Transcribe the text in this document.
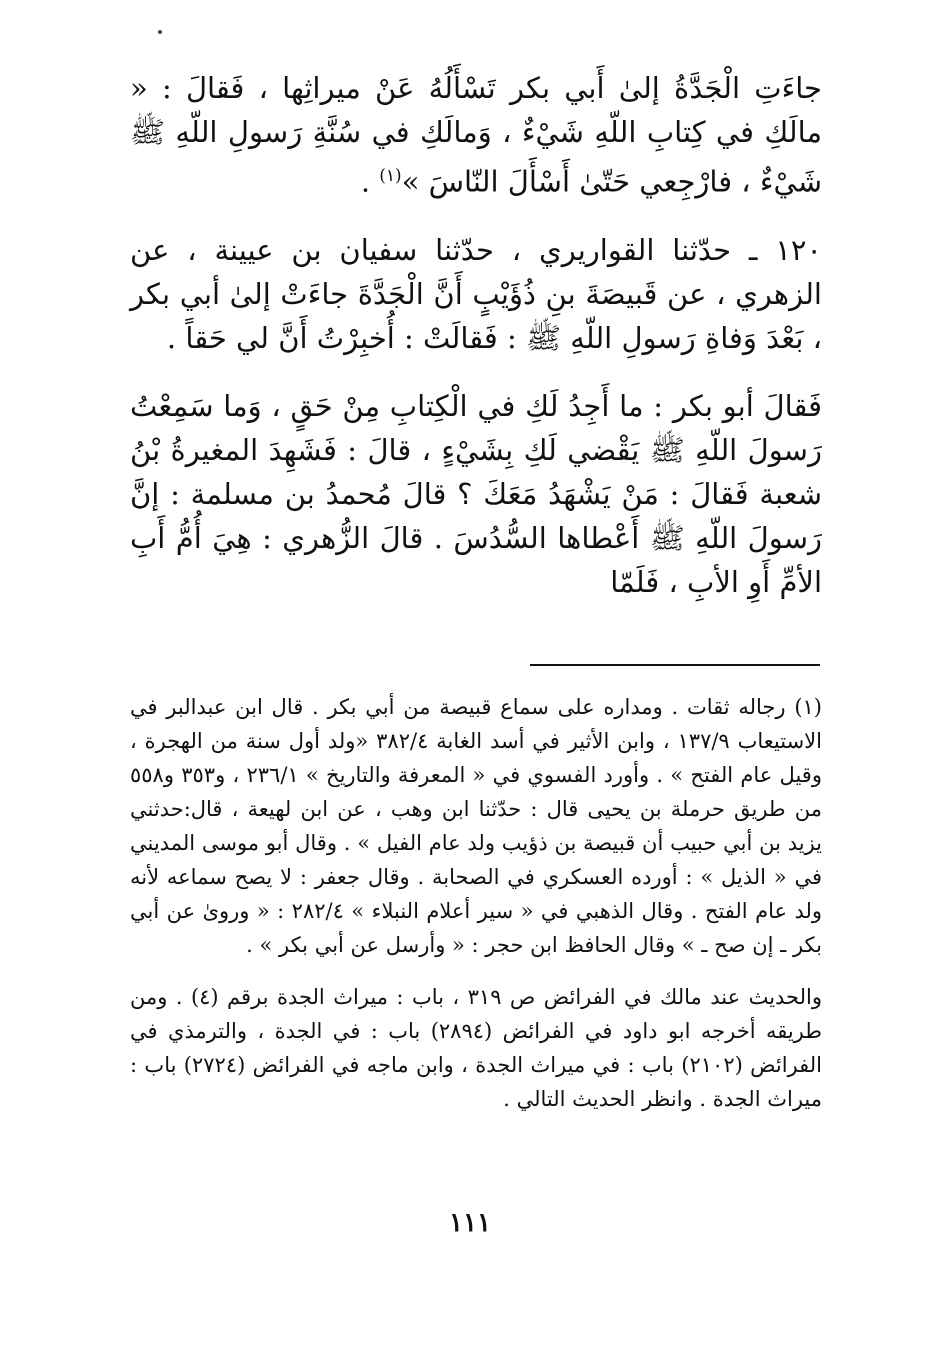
جاءَتِ الْجَدَّةُ إلىٰ أَبي بكر تَسْأَلُهُ عَنْ ميراثِها ، فَقالَ : « مالَكِ في كِتابِ اللّهِ شَيْءٌ ، وَمالَكِ في سُنَّةِ رَسولِ اللّهِ ﷺ شَيْءٌ ، فارْجِعي حَتّىٰ أَسْأَلَ النّاسَ »$^{(١)}$ .

١٢٠ ـ حدّثنا القواريري ، حدّثنا سفيان بن عيينة ، عن الزهري ، عن قَبيصَةَ بنِ ذُؤَيْبٍ أَنَّ الْجَدَّةَ جاءَتْ إلىٰ أبي بكر ، بَعْدَ وَفاةِ رَسولِ اللّهِ ﷺ : فَقالَتْ : أُخبِرْتُ أَنَّ لي حَقاً .

فَقالَ أبو بكر : ما أَجِدُ لَكِ في الْكِتابِ مِنْ حَقٍ ، وَما سَمِعْتُ رَسولَ اللّهِ ﷺ يَقْضي لَكِ بِشَيْءٍ ، قالَ : فَشَهِدَ المغيرةُ بْنُ شعبة فَقالَ : مَنْ يَشْهَدُ مَعَكَ ؟ قالَ مُحمدُ بن مسلمة : إنَّ رَسولَ اللّهِ ﷺ أَعْطاها السُّدُسَ . قالَ الزُّهري : هِيَ أُمُّ أَبِ الأمِّ أَوِ الأبِ ، فَلَمّا

(١) رجاله ثقات . ومداره على سماع قبيصة من أبي بكر . قال ابن عبدالبر في الاستيعاب ١٣٧/٩ ، وابن الأثير في أسد الغابة ٣٨٢/٤ «ولد أول سنة من الهجرة ، وقيل عام الفتح » . وأورد الفسوي في « المعرفة والتاريخ » ٢٣٦/١ ، و٣٥٣ و٥٥٨ من طريق حرملة بن يحيى قال : حدّثنا ابن وهب ، عن ابن لهيعة ، قال:حدثني يزيد بن أبي حبيب أن قبيصة بن ذؤيب ولد عام الفيل » . وقال أبو موسى المديني في « الذيل » : أورده العسكري في الصحابة . وقال جعفر : لا يصح سماعه لأنه ولد عام الفتح . وقال الذهبي في « سير أعلام النبلاء » ٢٨٢/٤ : « وروىٰ عن أبي بكر ـ إن صح ـ » وقال الحافظ ابن حجر : « وأرسل عن أبي بكر » .

والحديث عند مالك في الفرائض ص ٣١٩ ، باب : ميراث الجدة برقم (٤) . ومن طريقه أخرجه ابو داود في الفرائض (٢٨٩٤) باب : في الجدة ، والترمذي في الفرائض (٢١٠٢) باب : في ميراث الجدة ، وابن ماجه في الفرائض (٢٧٢٤) باب : ميراث الجدة . وانظر الحديث التالي .

١١١
